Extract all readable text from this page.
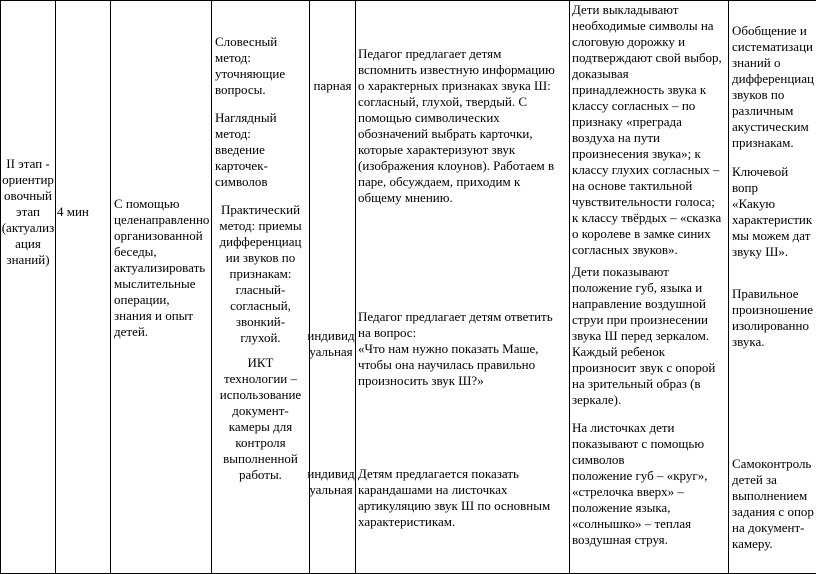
II этап -
ориентир
овочный
этап
(актуализ
ация
знаний)

4 мин

С помощью
целенаправленно
организованной
беседы,
актуализировать
мыслительные
операции,
знания и опыт
детей.

Словесный
метод:
уточняющие
вопросы.

Наглядный
метод:
введение
карточек-
символов

Практический
метод: приемы
дифференциац
ии звуков по
признакам:
гласный-
согласный,
звонкий-
глухой.

ИКТ
технологии –
использование
документ-
камеры для
контроля
выполненной
работы.

парная

индивид
уальная

индивид
уальная

Педагог предлагает детям
вспомнить известную информацию
о характерных признаках звука Ш:
согласный, глухой, твердый. С
помощью символических
обозначений выбрать карточки,
которые характеризуют звук
(изображения клоунов). Работаем в
паре, обсуждаем, приходим к
общему мнению.

Педагог предлагает детям ответить
на вопрос:
«Что нам нужно показать Маше,
чтобы она научилась правильно
произносить звук Ш?»

Детям предлагается показать
карандашами на листочках
артикуляцию звук Ш по основным
характеристикам.

Дети выкладывают
необходимые символы на
слоговую дорожку и
подтверждают свой выбор,
доказывая
принадлежность звука к
классу согласных – по
признаку «преграда
воздуха на пути
произнесения звука»; к
классу глухих согласных –
на основе тактильной
чувствительности голоса;
к классу твёрдых – «сказка
о королеве в замке синих
согласных звуков».

Дети показывают
положение губ, языка и
направление воздушной
струи при произнесении
звука Ш перед зеркалом.
Каждый ребенок
произносит звук с опорой
на зрительный образ (в
зеркале).

На листочках дети
показывают с помощью
символов
положение губ – «круг»,
«стрелочка вверх» –
положение языка,
«солнышко» – теплая
воздушная струя.

Обобщение и
систематизаци
знаний о
дифференциац
звуков по
различным
акустическим
признакам.

Ключевой вопр
«Какую
характеристик
мы можем дат
звуку Ш».

Правильное
произношение
изолированно
звука.

Самоконтроль
детей за
выполнением
задания с опор
на документ-
камеру.
